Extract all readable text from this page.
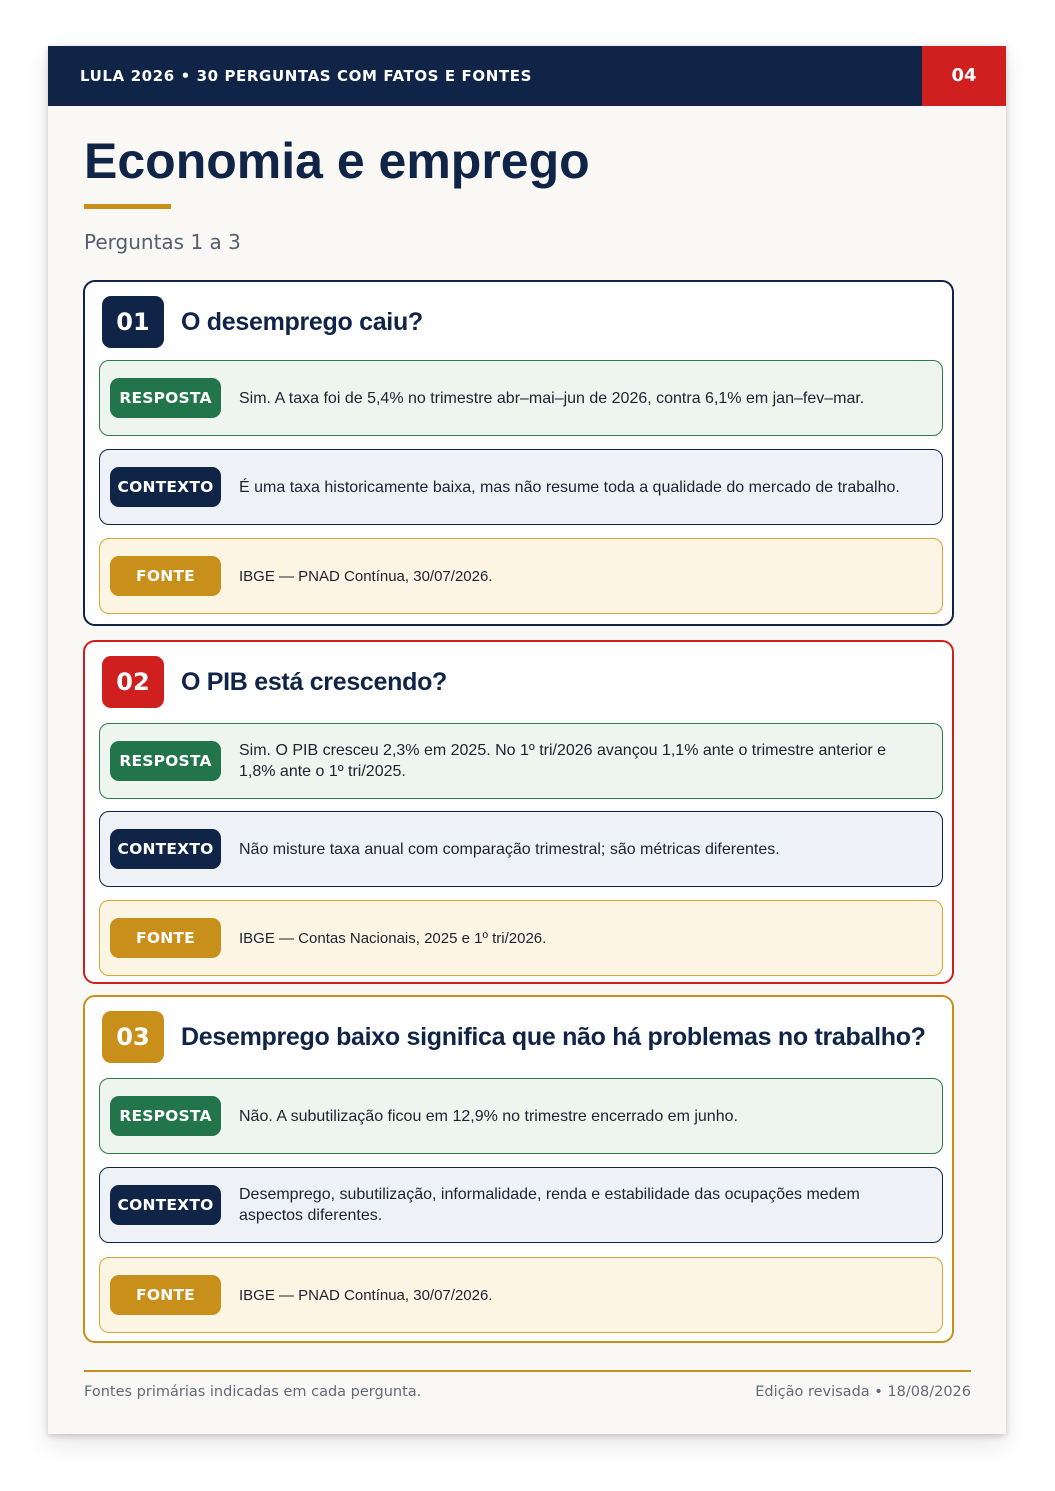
LULA 2026 • 30 PERGUNTAS COM FATOS E FONTES	04
Economia e emprego
Perguntas 1 a 3
01	O desemprego caiu?
RESPOSTA	Sim. A taxa foi de 5,4% no trimestre abr–mai–jun de 2026, contra 6,1% em jan–fev–mar.
CONTEXTO	É uma taxa historicamente baixa, mas não resume toda a qualidade do mercado de trabalho.
FONTE	IBGE — PNAD Contínua, 30/07/2026.
02	O PIB está crescendo?
RESPOSTA
Sim. O PIB cresceu 2,3% em 2025. No 1º tri/2026 avançou 1,1% ante o trimestre anterior e 1,8% ante o 1º tri/2025.
CONTEXTO	Não misture taxa anual com comparação trimestral; são métricas diferentes.
FONTE	IBGE — Contas Nacionais, 2025 e 1º tri/2026.
03	Desemprego baixo significa que não há problemas no trabalho?
RESPOSTA	Não. A subutilização ficou em 12,9% no trimestre encerrado em junho.
CONTEXTO
Desemprego, subutilização, informalidade, renda e estabilidade das ocupações medem aspectos diferentes.
FONTE	IBGE — PNAD Contínua, 30/07/2026.
Fontes primárias indicadas em cada pergunta.	Edição revisada • 18/08/2026
